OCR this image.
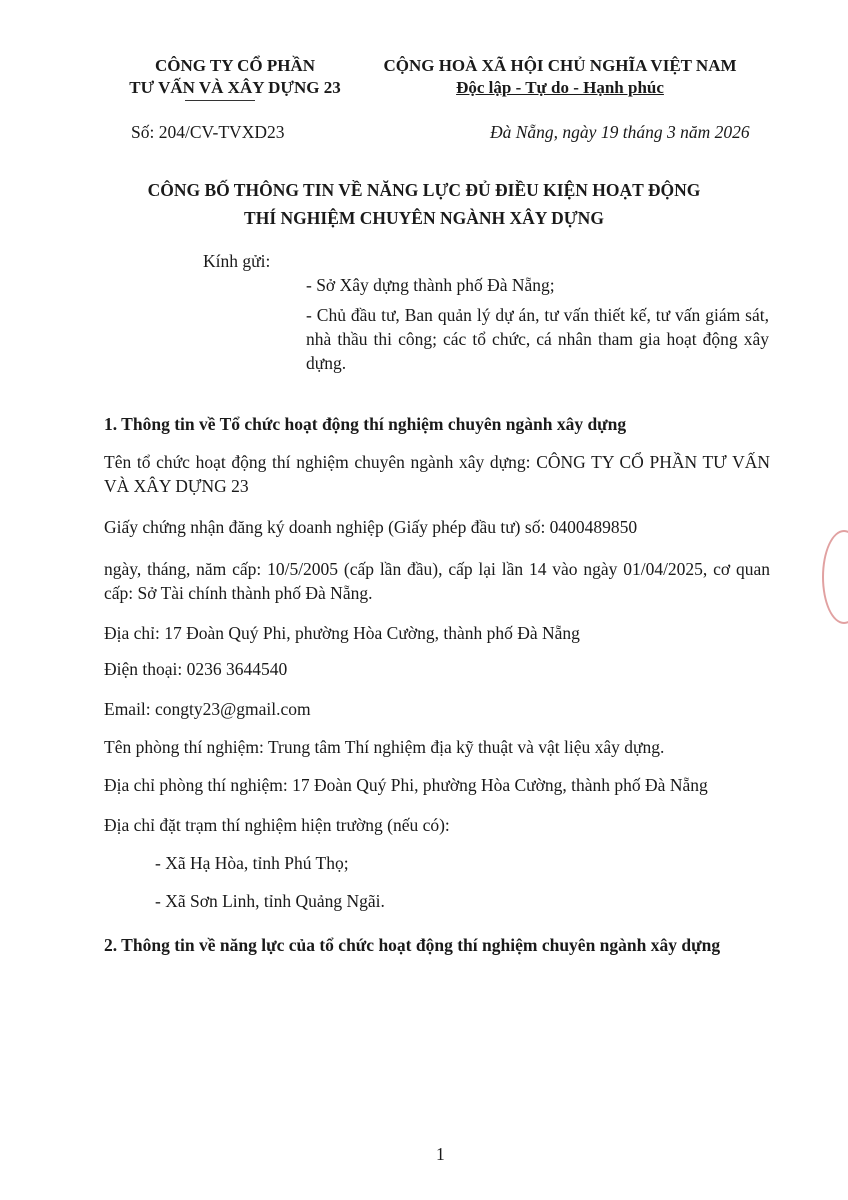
CÔNG TY CỔ PHẦN
TƯ VẤN VÀ XÂY DỰNG 23
CỘNG HOÀ XÃ HỘI CHỦ NGHĨA VIỆT NAM
Độc lập - Tự do - Hạnh phúc
Số: 204/CV-TVXD23	Đà Nẵng, ngày 19 tháng 3 năm 2026
CÔNG BỐ THÔNG TIN VỀ NĂNG LỰC ĐỦ ĐIỀU KIỆN HOẠT ĐỘNG
THÍ NGHIỆM CHUYÊN NGÀNH XÂY DỰNG
Kính gửi:
- Sở Xây dựng thành phố Đà Nẵng;
- Chủ đầu tư, Ban quản lý dự án, tư vấn thiết kế, tư vấn giám sát, nhà thầu thi công; các tổ chức, cá nhân tham gia hoạt động xây dựng.
1. Thông tin về Tổ chức hoạt động thí nghiệm chuyên ngành xây dựng
Tên tổ chức hoạt động thí nghiệm chuyên ngành xây dựng: CÔNG TY CỔ PHẦN TƯ VẤN VÀ XÂY DỰNG 23
Giấy chứng nhận đăng ký doanh nghiệp (Giấy phép đầu tư) số: 0400489850
ngày, tháng, năm cấp: 10/5/2005 (cấp lần đầu), cấp lại lần 14 vào ngày 01/04/2025, cơ quan cấp: Sở Tài chính thành phố Đà Nẵng.
Địa chỉ: 17 Đoàn Quý Phi, phường Hòa Cường, thành phố Đà Nẵng
Điện thoại: 0236 3644540
Email: congty23@gmail.com
Tên phòng thí nghiệm: Trung tâm Thí nghiệm địa kỹ thuật và vật liệu xây dựng.
Địa chỉ phòng thí nghiệm: 17 Đoàn Quý Phi, phường Hòa Cường, thành phố Đà Nẵng
Địa chỉ đặt trạm thí nghiệm hiện trường (nếu có):
- Xã Hạ Hòa, tỉnh Phú Thọ;
- Xã Sơn Linh, tỉnh Quảng Ngãi.
2. Thông tin về năng lực của tổ chức hoạt động thí nghiệm chuyên ngành xây dựng
1
